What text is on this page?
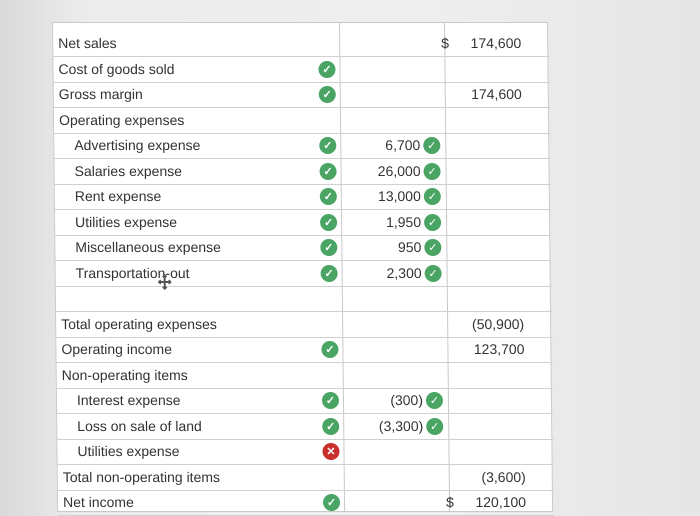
Net sales	$ 174,600
Cost of goods sold	✓
Gross margin	✓	174,600
Operating expenses
Advertising expense	✓	6,700 ✓
Salaries expense	✓	26,000 ✓
Rent expense	✓	13,000 ✓
Utilities expense	✓	1,950 ✓
Miscellaneous expense	✓	950 ✓
Transportation-out	✓	2,300 ✓
Total operating expenses	(50,900)
Operating income	✓	123,700
Non-operating items
Interest expense	✓	(300) ✓
Loss on sale of land	✓	(3,300) ✓
Utilities expense	✕
Total non-operating items	(3,600)
Net income	✓	$ 120,100
